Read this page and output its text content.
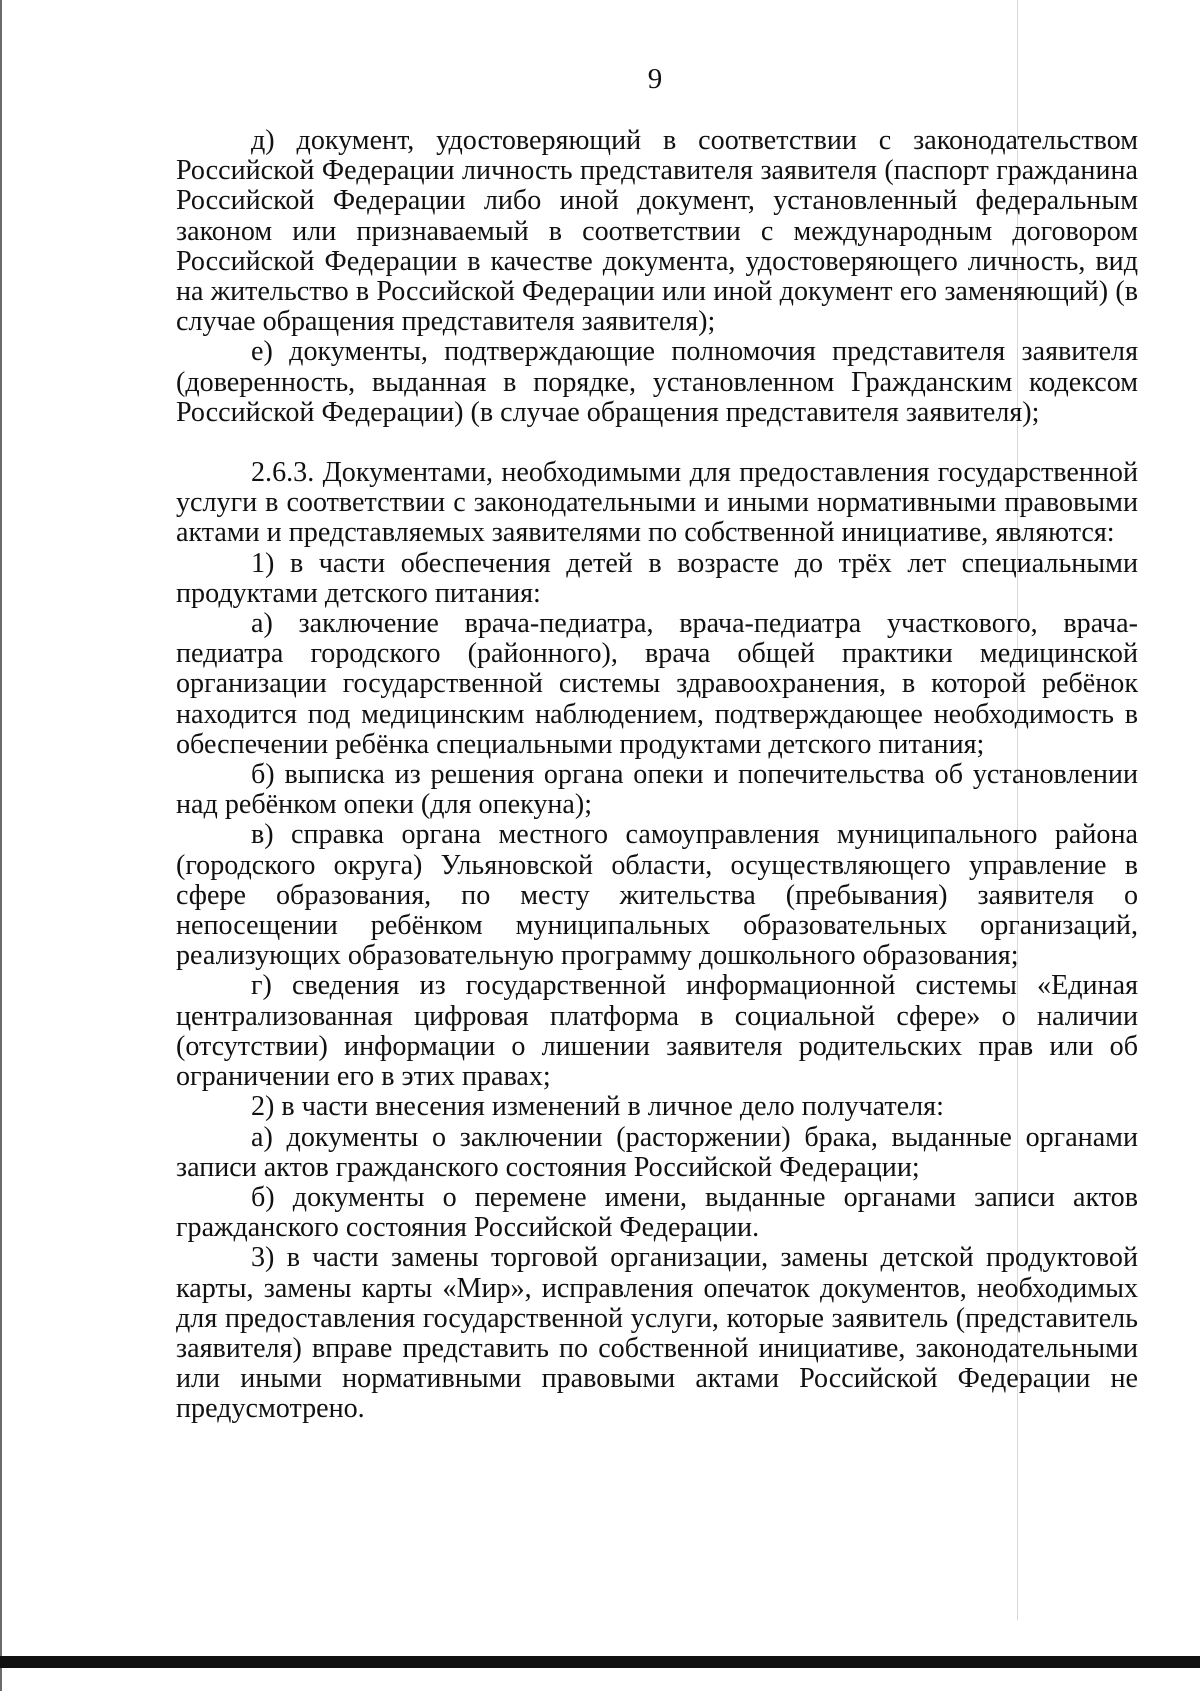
9

д) документ, удостоверяющий в соответствии с законодательством Российской Федерации личность представителя заявителя (паспорт гражданина Российской Федерации либо иной документ, установленный федеральным законом или признаваемый в соответствии с международным договором Российской Федерации в качестве документа, удостоверяющего личность, вид на жительство в Российской Федерации или иной документ его заменяющий) (в случае обращения представителя заявителя);

е) документы, подтверждающие полномочия представителя заявителя (доверенность, выданная в порядке, установленном Гражданским кодексом Российской Федерации) (в случае обращения представителя заявителя);

2.6.3. Документами, необходимыми для предоставления государственной услуги в соответствии с законодательными и иными нормативными правовыми актами и представляемых заявителями по собственной инициативе, являются:

1) в части обеспечения детей в возрасте до трёх лет специальными продуктами детского питания:

а) заключение врача-педиатра, врача-педиатра участкового, врача-педиатра городского (районного), врача общей практики медицинской организации государственной системы здравоохранения, в которой ребёнок находится под медицинским наблюдением, подтверждающее необходимость в обеспечении ребёнка специальными продуктами детского питания;

б) выписка из решения органа опеки и попечительства об установлении над ребёнком опеки (для опекуна);

в) справка органа местного самоуправления муниципального района (городского округа) Ульяновской области, осуществляющего управление в сфере образования, по месту жительства (пребывания) заявителя о непосещении ребёнком муниципальных образовательных организаций, реализующих образовательную программу дошкольного образования;

г) сведения из государственной информационной системы «Единая централизованная цифровая платформа в социальной сфере» о наличии (отсутствии) информации о лишении заявителя родительских прав или об ограничении его в этих правах;

2) в части внесения изменений в личное дело получателя:

а) документы о заключении (расторжении) брака, выданные органами записи актов гражданского состояния Российской Федерации;

б) документы о перемене имени, выданные органами записи актов гражданского состояния Российской Федерации.

3) в части замены торговой организации, замены детской продуктовой карты, замены карты «Мир», исправления опечаток документов, необходимых для предоставления государственной услуги, которые заявитель (представитель заявителя) вправе представить по собственной инициативе, законодательными или иными нормативными правовыми актами Российской Федерации не предусмотрено.
